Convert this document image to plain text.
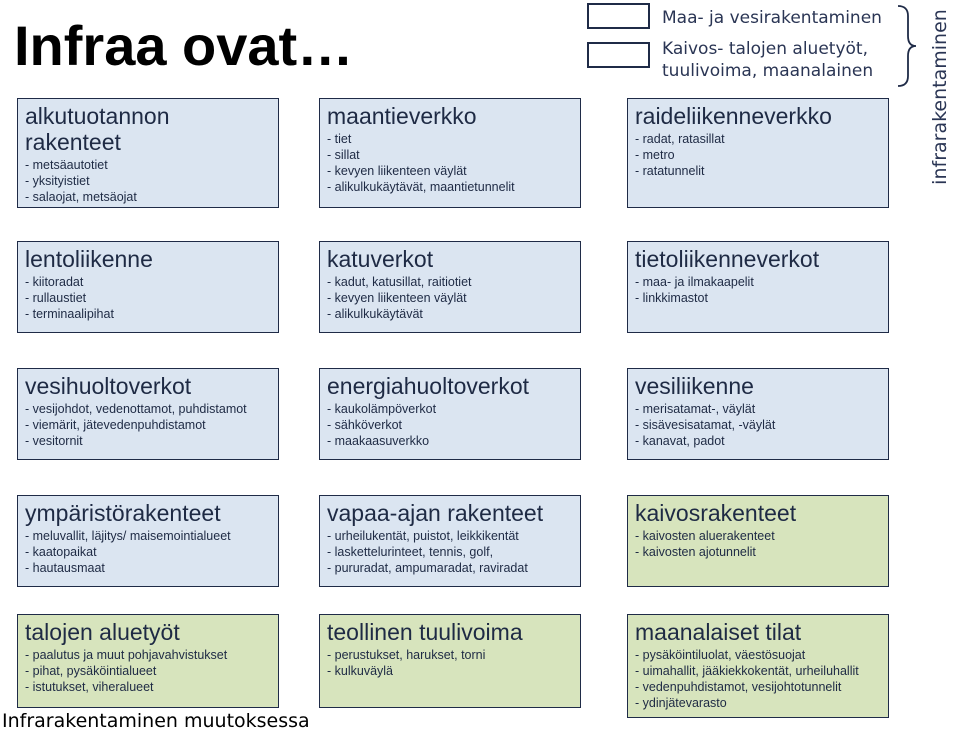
Infraa ovat…	Maa- ja vesirakentaminen
Kaivos- talojen aluetyöt, tuulivoima, maanalainen	infrarakentaminen
alkutuotannon rakenteet
- metsäautotiet
- yksityistiet
- salaojat, metsäojat
maantieverkko
- tiet
- sillat
- kevyen liikenteen väylät
- alikulkukäytävät, maantietunnelit
raideliikenneverkko
- radat, ratasillat
- metro
- ratatunnelit
lentoliikenne
- kiitoradat
- rullaustiet
- terminaalipihat
katuverkot
- kadut, katusillat, raitiotiet
- kevyen liikenteen väylät
- alikulkukäytävät
tietoliikenneverkot
- maa- ja ilmakaapelit
- linkkimastot
vesihuoltoverkot
- vesijohdot, vedenottamot, puhdistamot
- viemärit, jätevedenpuhdistamot
- vesitornit
energiahuoltoverkot
- kaukolämpöverkot
- sähköverkot
- maakaasuverkko
vesiliikenne
- merisatamat-, väylät
- sisävesisatamat, -väylät
- kanavat, padot
ympäristörakenteet
- meluvallit, läjitys/ maisemointialueet
- kaatopaikat
- hautausmaat
vapaa-ajan rakenteet
- urheilukentät, puistot, leikkikentät
- laskettelurinteet, tennis, golf,
- pururadat, ampumaradat, raviradat
kaivosrakenteet
- kaivosten aluerakenteet
- kaivosten ajotunnelit
talojen aluetyöt
- paalutus ja muut pohjavahvistukset
- pihat, pysäköintialueet
- istutukset, viheralueet
teollinen tuulivoima
- perustukset, harukset, torni
- kulkuväylä
maanalaiset tilat
- pysäköintiluolat, väestösuojat
- uimahallit, jääkiekkokentät, urheiluhallit
- vedenpuhdistamot, vesijohtotunnelit
- ydinjätevarasto
Infrarakentaminen muutoksessa
